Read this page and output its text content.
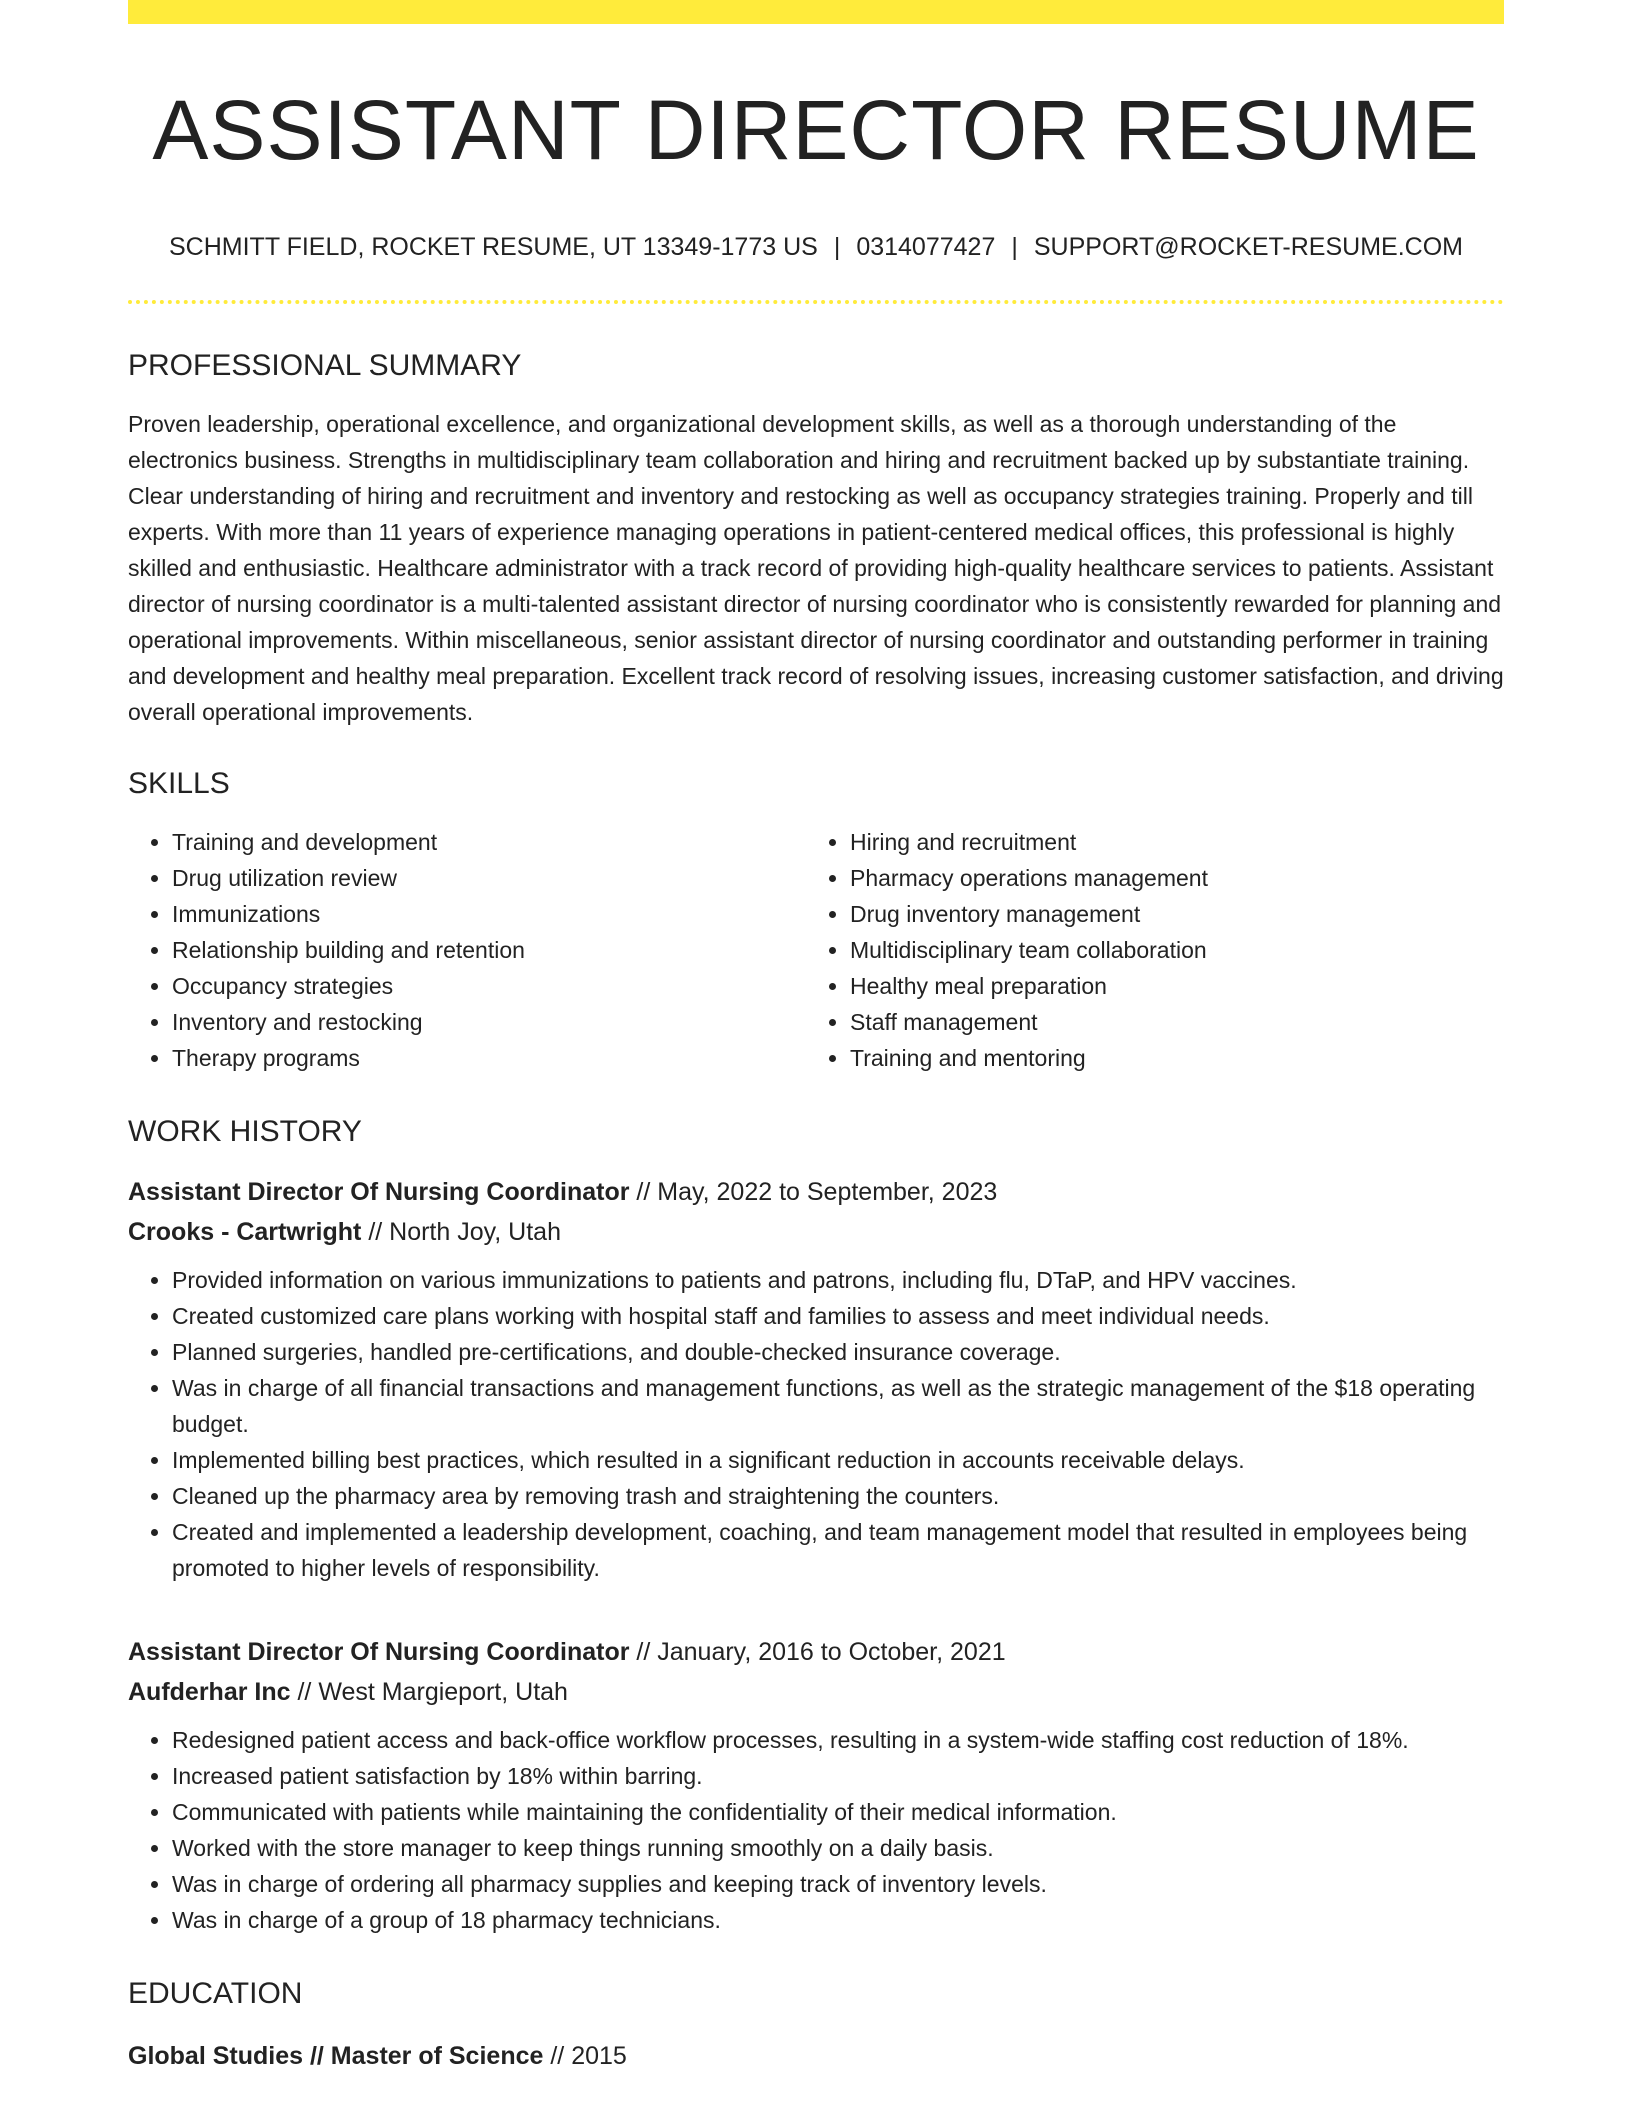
ASSISTANT DIRECTOR RESUME
SCHMITT FIELD, ROCKET RESUME, UT 13349-1773 US | 0314077427 | SUPPORT@ROCKET-RESUME.COM
PROFESSIONAL SUMMARY

Proven leadership, operational excellence, and organizational development skills, as well as a thorough understanding of the electronics business. Strengths in multidisciplinary team collaboration and hiring and recruitment backed up by substantiate training. Clear understanding of hiring and recruitment and inventory and restocking as well as occupancy strategies training. Properly and till experts. With more than 11 years of experience managing operations in patient-centered medical offices, this professional is highly skilled and enthusiastic. Healthcare administrator with a track record of providing high-quality healthcare services to patients. Assistant director of nursing coordinator is a multi-talented assistant director of nursing coordinator who is consistently rewarded for planning and operational improvements. Within miscellaneous, senior assistant director of nursing coordinator and outstanding performer in training and development and healthy meal preparation. Excellent track record of resolving issues, increasing customer satisfaction, and driving overall operational improvements.

SKILLS
• Training and development
• Drug utilization review
• Immunizations
• Relationship building and retention
• Occupancy strategies
• Inventory and restocking
• Therapy programs
• Hiring and recruitment
• Pharmacy operations management
• Drug inventory management
• Multidisciplinary team collaboration
• Healthy meal preparation
• Staff management
• Training and mentoring
WORK HISTORY
Assistant Director Of Nursing Coordinator // May, 2022 to September, 2023
Crooks - Cartwright // North Joy, Utah
• Provided information on various immunizations to patients and patrons, including flu, DTaP, and HPV vaccines.
• Created customized care plans working with hospital staff and families to assess and meet individual needs.
• Planned surgeries, handled pre-certifications, and double-checked insurance coverage.
• Was in charge of all financial transactions and management functions, as well as the strategic management of the $18 operating budget.
• Implemented billing best practices, which resulted in a significant reduction in accounts receivable delays.
• Cleaned up the pharmacy area by removing trash and straightening the counters.
• Created and implemented a leadership development, coaching, and team management model that resulted in employees being promoted to higher levels of responsibility.
Assistant Director Of Nursing Coordinator // January, 2016 to October, 2021
Aufderhar Inc // West Margieport, Utah
• Redesigned patient access and back-office workflow processes, resulting in a system-wide staffing cost reduction of 18%.
• Increased patient satisfaction by 18% within barring.
• Communicated with patients while maintaining the confidentiality of their medical information.
• Worked with the store manager to keep things running smoothly on a daily basis.
• Was in charge of ordering all pharmacy supplies and keeping track of inventory levels.
• Was in charge of a group of 18 pharmacy technicians.
EDUCATION
Global Studies // Master of Science // 2015
